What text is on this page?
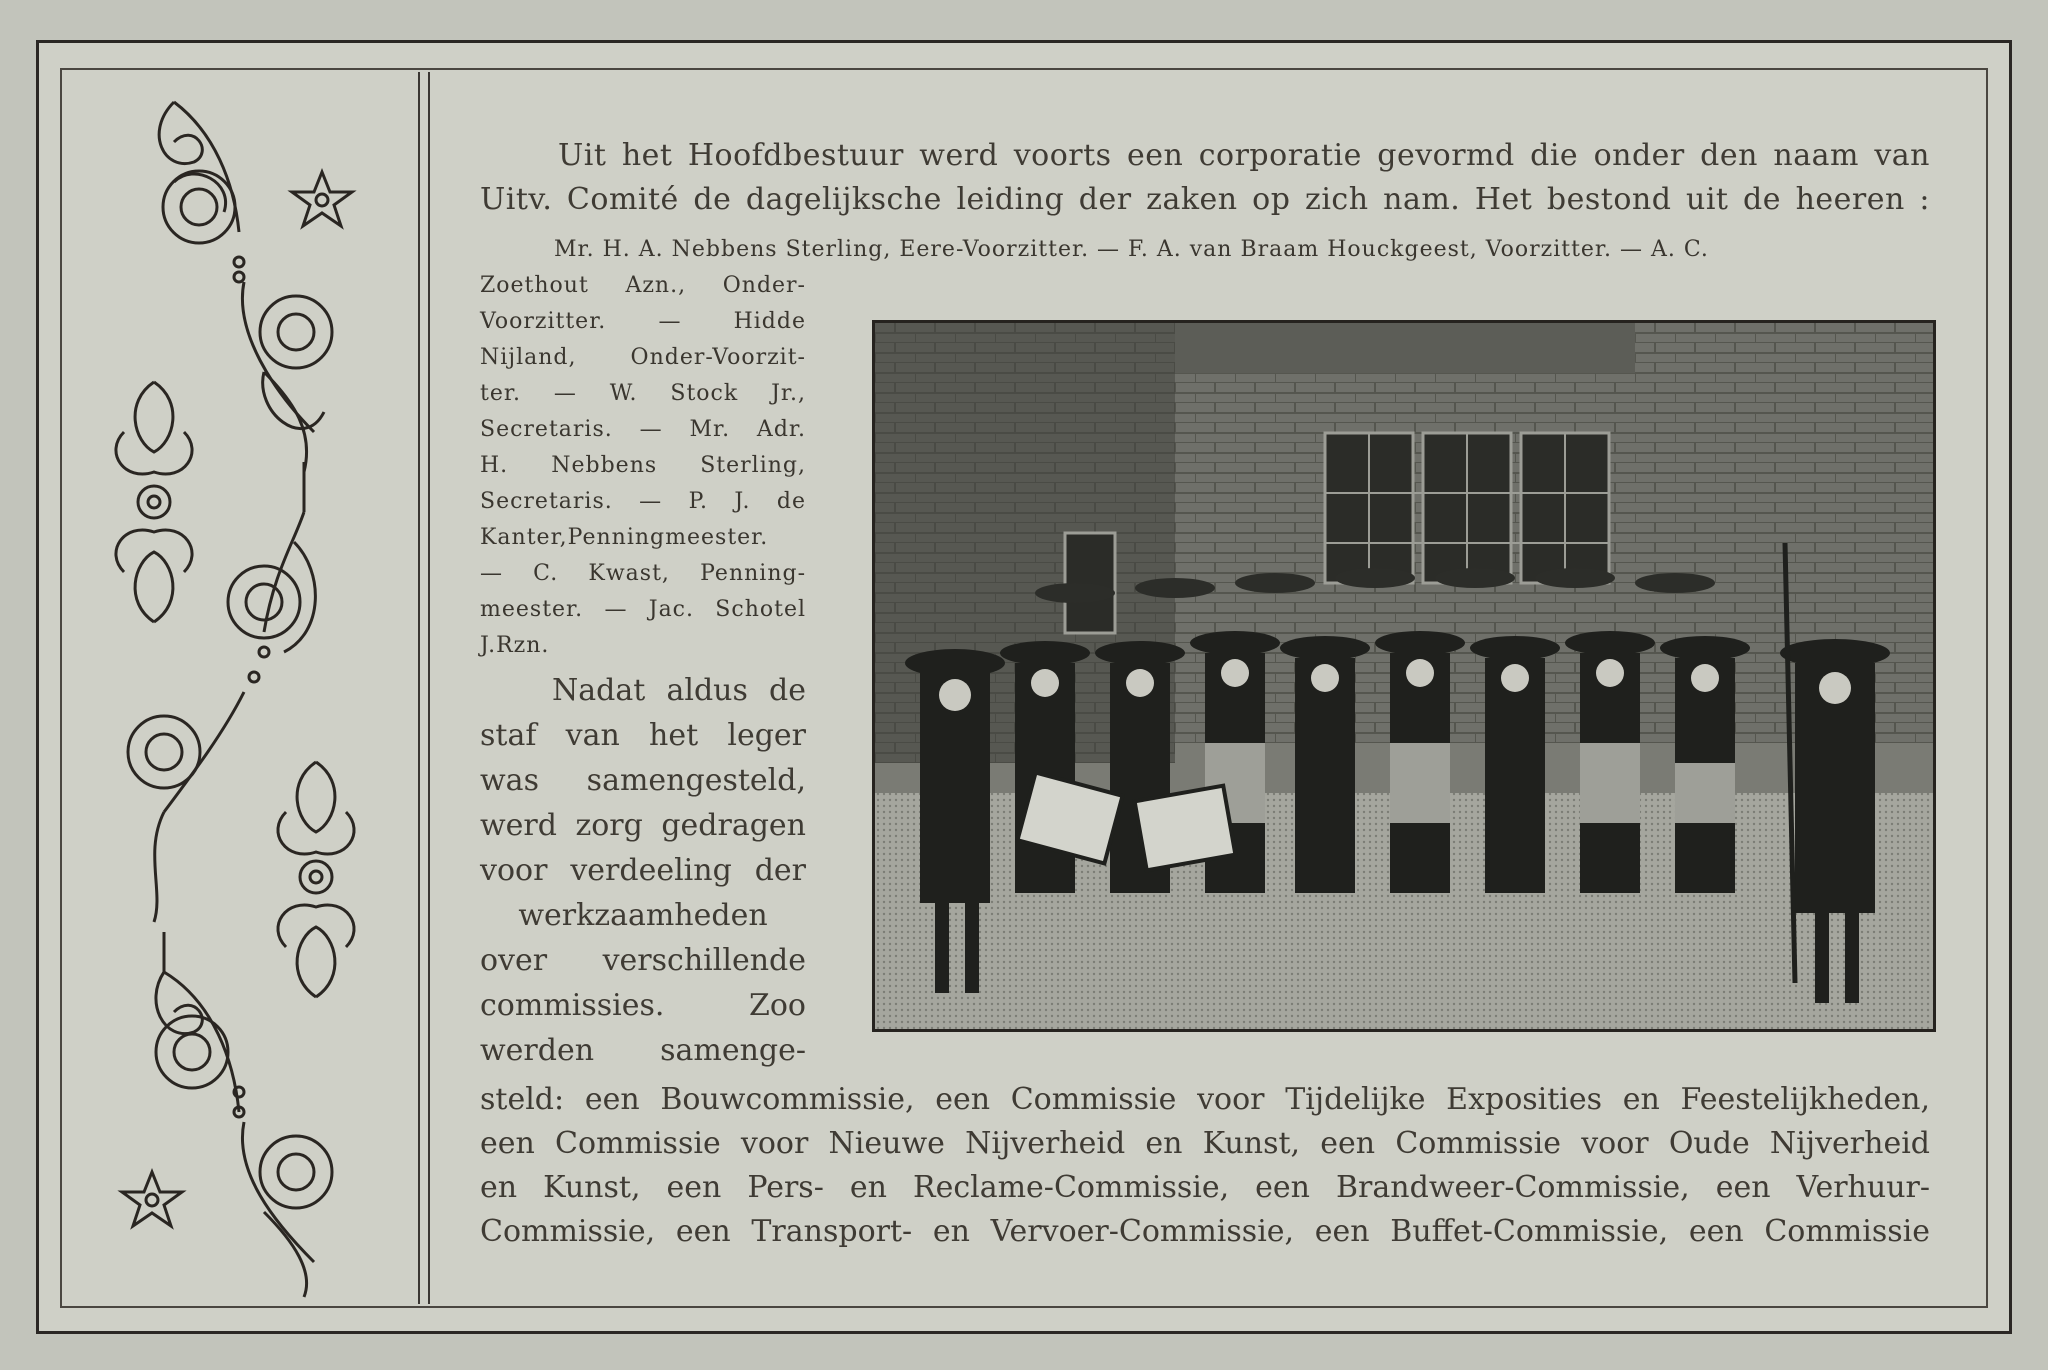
Uit het Hoofdbestuur werd voorts een corporatie gevormd die onder den naam van
Uitv. Comité de dagelijksche leiding der zaken op zich nam. Het bestond uit de heeren :
Mr. H. A. Nebbens Sterling, Eere-Voorzitter. — F. A. van Braam Houckgeest, Voorzitter. — A. C.
Zoethout Azn., Onder-
Voorzitter. — Hidde
Nijland, Onder-Voorzit-
ter. — W. Stock Jr.,
Secretaris. — Mr. Adr.
H. Nebbens Sterling,
Secretaris. — P. J. de
Kanter,Penningmeester.
— C. Kwast, Penning-
meester. — Jac. Schotel
J.Rzn.
Nadat aldus de
staf van het leger
was samengesteld,
werd zorg gedragen
voor verdeeling der
werkzaamheden
over verschillende
commissies. Zoo
werden samenge-
steld: een Bouwcommissie, een Commissie voor Tijdelijke Exposities en Feestelijkheden,
een Commissie voor Nieuwe Nijverheid en Kunst, een Commissie voor Oude Nijverheid
en Kunst, een Pers- en Reclame-Commissie, een Brandweer-Commissie, een Verhuur-
Commissie, een Transport- en Vervoer-Commissie, een Buffet-Commissie, een Commissie
